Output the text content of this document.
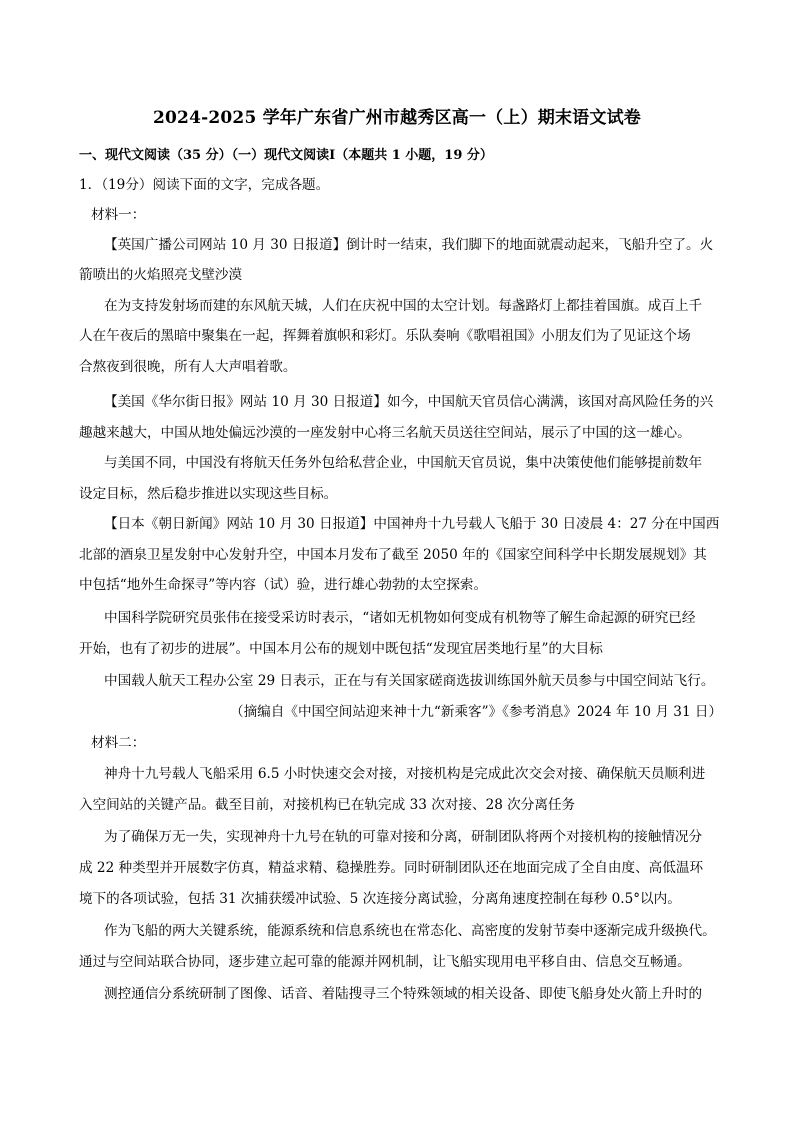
2024-2025 学年广东省广州市越秀区高一（上）期末语文试卷
一、现代文阅读（35 分）（一）现代文阅读Ⅰ（本题共 1 小题，19 分）
1．（19分）阅读下面的文字，完成各题。
材料一：
【英国广播公司网站 10 月 30 日报道】倒计时一结束，我们脚下的地面就震动起来，飞船升空了。火
箭喷出的火焰照亮戈壁沙漠
在为支持发射场而建的东风航天城，人们在庆祝中国的太空计划。每盏路灯上都挂着国旗。成百上千
人在午夜后的黑暗中聚集在一起，挥舞着旗帜和彩灯。乐队奏响《歌唱祖国》小朋友们为了见证这个场
合熬夜到很晚，所有人大声唱着歌。
【美国《华尔街日报》网站 10 月 30 日报道】如今，中国航天官员信心满满，该国对高风险任务的兴
趣越来越大，中国从地处偏远沙漠的一座发射中心将三名航天员送往空间站，展示了中国的这一雄心。
与美国不同，中国没有将航天任务外包给私营企业，中国航天官员说，集中决策使他们能够提前数年
设定目标，然后稳步推进以实现这些目标。
【日本《朝日新闻》网站 10 月 30 日报道】中国神舟十九号载人飞船于 30 日凌晨 4：27 分在中国西
北部的酒泉卫星发射中心发射升空，中国本月发布了截至 2050 年的《国家空间科学中长期发展规划》其
中包括“地外生命探寻”等内容（试）验，进行雄心勃勃的太空探索。
中国科学院研究员张伟在接受采访时表示，“诸如无机物如何变成有机物等了解生命起源的研究已经
开始，也有了初步的进展”。中国本月公布的规划中既包括“发现宜居类地行星”的大目标
中国载人航天工程办公室 29 日表示，正在与有关国家磋商选拔训练国外航天员参与中国空间站飞行。
（摘编自《中国空间站迎来神十九“新乘客”》《参考消息》2024 年 10 月 31 日）
材料二：
神舟十九号载人飞船采用 6.5 小时快速交会对接，对接机构是完成此次交会对接、确保航天员顺利进
入空间站的关键产品。截至目前，对接机构已在轨完成 33 次对接、28 次分离任务
为了确保万无一失，实现神舟十九号在轨的可靠对接和分离，研制团队将两个对接机构的接触情况分
成 22 种类型并开展数字仿真，精益求精、稳操胜券。同时研制团队还在地面完成了全自由度、高低温环
境下的各项试验，包括 31 次捕获缓冲试验、5 次连接分离试验，分离角速度控制在每秒 0.5°以内。
作为飞船的两大关键系统，能源系统和信息系统也在常态化、高密度的发射节奏中逐渐完成升级换代。
通过与空间站联合协同，逐步建立起可靠的能源并网机制，让飞船实现用电平移自由、信息交互畅通。
测控通信分系统研制了图像、话音、着陆搜寻三个特殊领域的相关设备、即使飞船身处火箭上升时的
